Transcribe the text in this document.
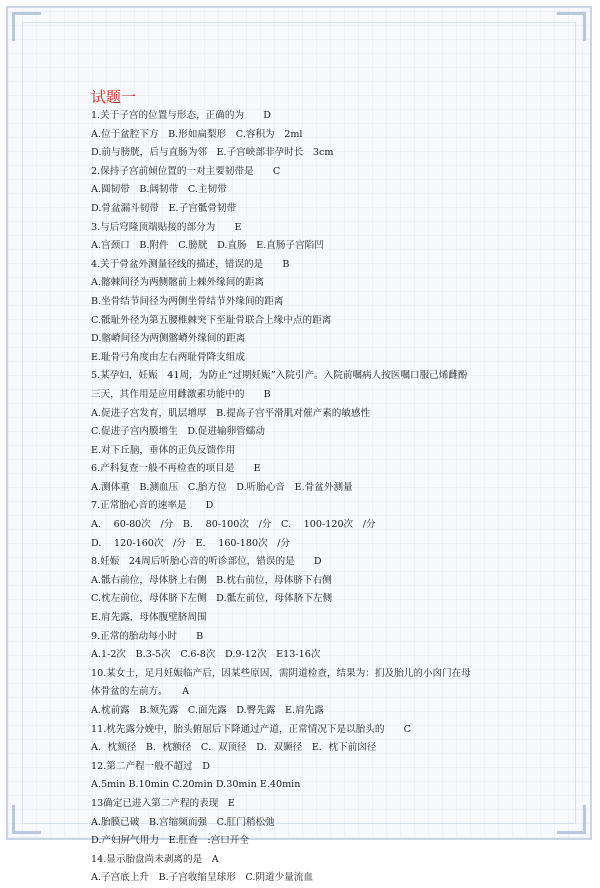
试题一

1.关于子宫的位置与形态，正确的为　　D

A.位于盆腔下方　B.形如扁梨形　C.容积为　2ml

D.前与膀胱，后与直肠为邻　E.子宫峡部非孕时长　3cm

2.保持子宫前倾位置的一对主要韧带是　　C

A.圆韧带　B.阔韧带　C.主韧带

D.骨盆漏斗韧带　E.子宫骶骨韧带

3.与后穹隆顶端贴接的部分为　　E

A.宫颈口　B.附件　C.膀胱　D.直肠　E.直肠子宫陷凹

4.关于骨盆外测量径线的描述，错误的是　　B

A.髂棘间径为两侧髂前上棘外缘间的距离

B.坐骨结节间径为两侧坐骨结节外缘间的距离

C.骶耻外径为第五腰椎棘突下至耻骨联合上缘中点的距离

D.髂嵴间径为两侧髂嵴外缘间的距离

E.耻骨弓角度由左右两耻骨降支组成

5.某孕妇，妊娠　41周，为防止“过期妊娠”入院引产。入院前嘱病人按医嘱口服己烯雌酚

三天，其作用是应用雌激素功能中的　　B

A.促进子宫发育，肌层增厚　B.提高子宫平滑肌对催产素的敏感性

C.促进子宫内膜增生　D.促进输卵管蠕动

E.对下丘脑，垂体的正负反馈作用

6.产科复查一般不再检查的项目是　　E

A.测体重　B.测血压　C.胎方位　D.听胎心音　E.骨盆外测量

7.正常胎心音的速率是　　D

A.　 60-80次　/分　B.　 80-100次　/分　C.　 100-120次　/分

D.　 120-160次　/分　E.　 160-180次　/分

8.妊娠　24周后听胎心音的听诊部位，错误的是　　D

A.骶右前位，母体脐上右侧　B.枕右前位，母体脐下右侧

C.枕左前位，母体脐下左侧　D.骶左前位，母体脐下左侧

E.肩先露，母体腹壁脐周围

9.正常的胎动每小时　　B

A.1-2次　B.3-5次　C.6-8次　D.9-12次　E13-16次

10.某女士，足月妊娠临产后，因某些原因，需阴道检查，结果为：扪及胎儿的小囟门在母

体骨盆的左前方。　　A

A.枕前露　B.颏先露　C.面先露　D.臀先露　E.肩先露

11.枕先露分娩中，胎头俯屈后下降通过产道，正常情况下是以胎头的　　C

A．枕颏径　B．枕额径　C．双顶径　D．双颞径　E．枕下前囟径

12.第二产程一般不超过　D

A.5min B.10min C.20min D.30min E.40min

13确定已进入第二产程的表现　E

A.胎膜已破　B.宫缩频而强　C.肛门稍松弛

D.产妇屏气用力　E.肛查　:宫口开全

14.显示胎盘尚未剥离的是　A

A.子宫底上升　B.子宫收缩呈球形　C.阴道少量流血
